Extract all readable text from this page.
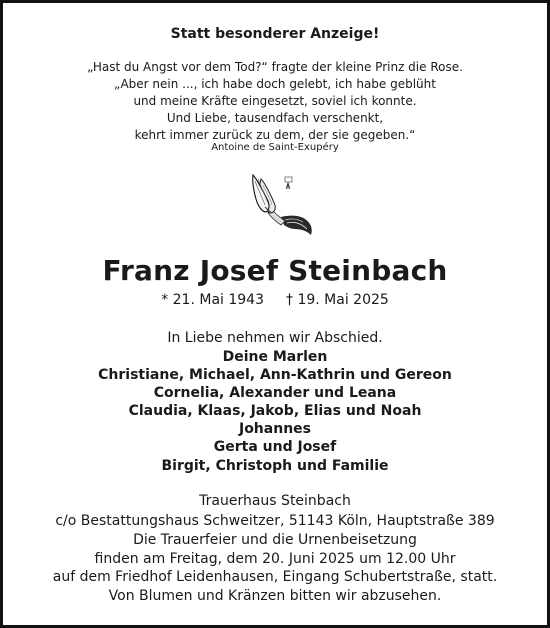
Statt besonderer Anzeige!
„Hast du Angst vor dem Tod?“ fragte der kleine Prinz die Rose.
„Aber nein ..., ich habe doch gelebt, ich habe geblüht
und meine Kräfte eingesetzt, soviel ich konnte.
Und Liebe, tausendfach verschenkt,
kehrt immer zurück zu dem, der sie gegeben.“
Antoine de Saint-Exupéry
Franz Josef Steinbach
* 21. Mai 1943 † 19. Mai 2025
In Liebe nehmen wir Abschied.
Deine Marlen
Christiane, Michael, Ann-Kathrin und Gereon
Cornelia, Alexander und Leana
Claudia, Klaas, Jakob, Elias und Noah
Johannes
Gerta und Josef
Birgit, Christoph und Familie
Trauerhaus Steinbach
c/o Bestattungshaus Schweitzer, 51143 Köln, Hauptstraße 389
Die Trauerfeier und die Urnenbeisetzung
finden am Freitag, dem 20. Juni 2025 um 12.00 Uhr
auf dem Friedhof Leidenhausen, Eingang Schubertstraße, statt.
Von Blumen und Kränzen bitten wir abzusehen.
